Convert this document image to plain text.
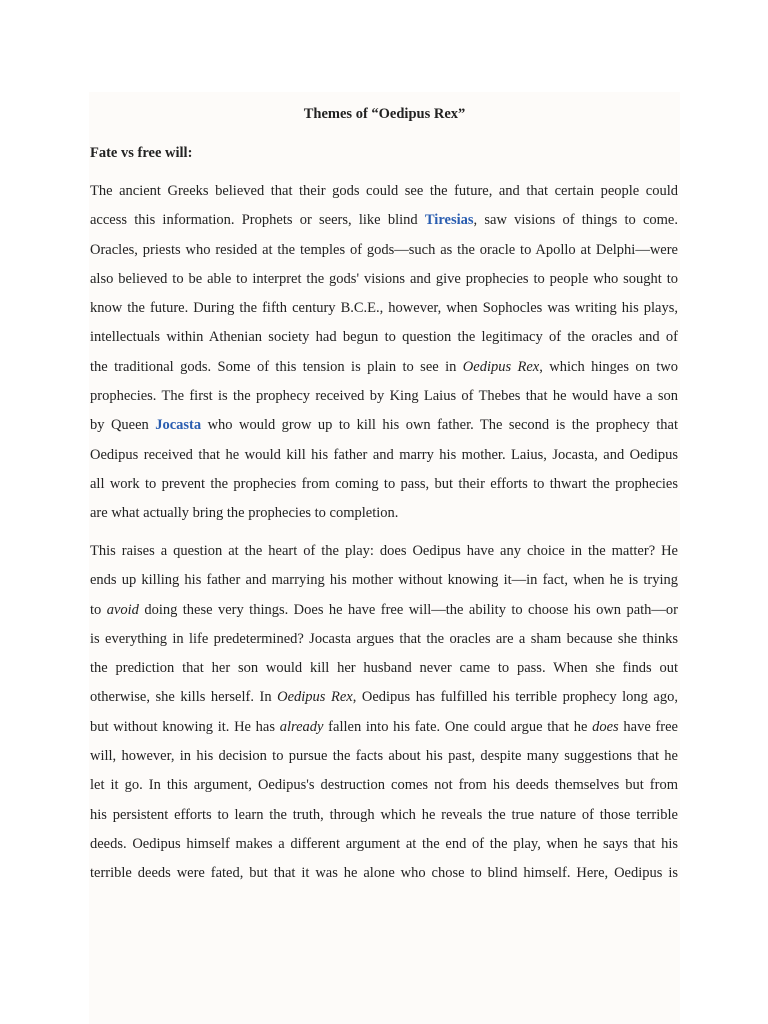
Themes of “Oedipus Rex”
Fate vs free will:

The ancient Greeks believed that their gods could see the future, and that certain people could
access this information. Prophets or seers, like blind Tiresias, saw visions of things to come.
Oracles, priests who resided at the temples of gods—such as the oracle to Apollo at Delphi—were
also believed to be able to interpret the gods' visions and give prophecies to people who sought to
know the future. During the fifth century B.C.E., however, when Sophocles was writing his plays,
intellectuals within Athenian society had begun to question the legitimacy of the oracles and of
the traditional gods. Some of this tension is plain to see in Oedipus Rex, which hinges on two
prophecies. The first is the prophecy received by King Laius of Thebes that he would have a son
by Queen Jocasta who would grow up to kill his own father. The second is the prophecy that
Oedipus received that he would kill his father and marry his mother. Laius, Jocasta, and Oedipus
all work to prevent the prophecies from coming to pass, but their efforts to thwart the prophecies
are what actually bring the prophecies to completion.

This raises a question at the heart of the play: does Oedipus have any choice in the matter? He
ends up killing his father and marrying his mother without knowing it—in fact, when he is trying
to avoid doing these very things. Does he have free will—the ability to choose his own path—or
is everything in life predetermined? Jocasta argues that the oracles are a sham because she thinks
the prediction that her son would kill her husband never came to pass. When she finds out
otherwise, she kills herself. In Oedipus Rex, Oedipus has fulfilled his terrible prophecy long ago,
but without knowing it. He has already fallen into his fate. One could argue that he does have free
will, however, in his decision to pursue the facts about his past, despite many suggestions that he
let it go. In this argument, Oedipus's destruction comes not from his deeds themselves but from
his persistent efforts to learn the truth, through which he reveals the true nature of those terrible
deeds. Oedipus himself makes a different argument at the end of the play, when he says that his
terrible deeds were fated, but that it was he alone who chose to blind himself. Here, Oedipus is
